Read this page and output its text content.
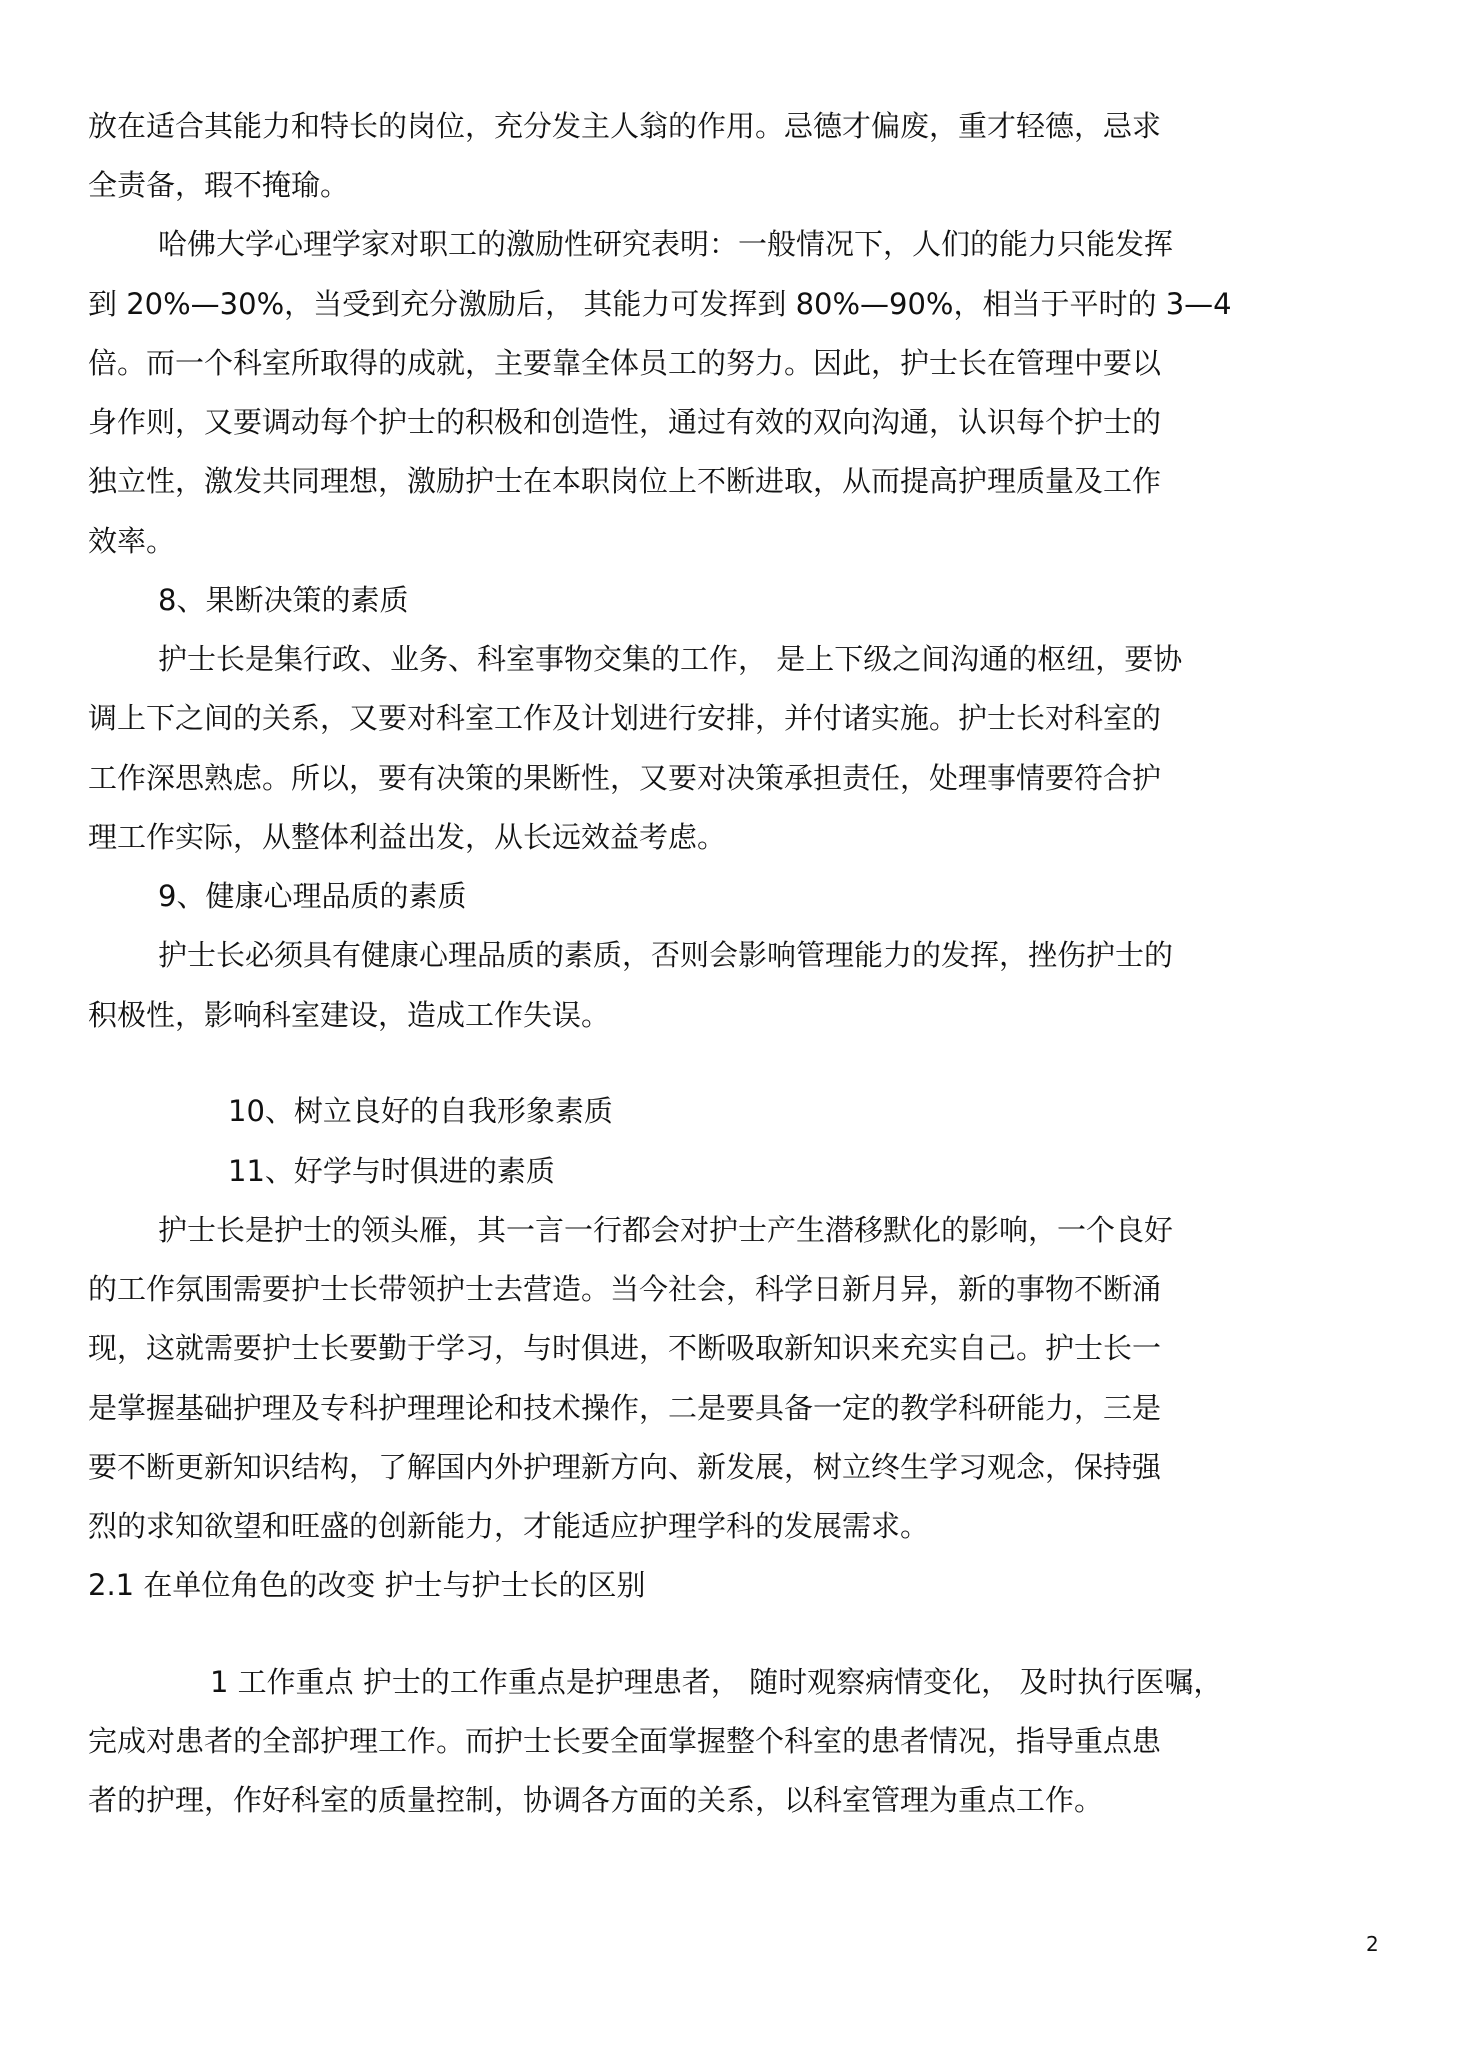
放在适合其能力和特长的岗位，充分发主人翁的作用。忌德才偏废，重才轻德，忌求

全责备，瑕不掩瑜。

哈佛大学心理学家对职工的激励性研究表明：一般情况下，人们的能力只能发挥

到 20%—30%，当受到充分激励后， 其能力可发挥到 80%—90%，相当于平时的 3—4

倍。而一个科室所取得的成就，主要靠全体员工的努力。因此，护士长在管理中要以

身作则，又要调动每个护士的积极和创造性，通过有效的双向沟通，认识每个护士的

独立性，激发共同理想，激励护士在本职岗位上不断进取，从而提高护理质量及工作

效率。

8、果断决策的素质

护士长是集行政、业务、科室事物交集的工作， 是上下级之间沟通的枢纽，要协

调上下之间的关系，又要对科室工作及计划进行安排，并付诸实施。护士长对科室的

工作深思熟虑。所以，要有决策的果断性，又要对决策承担责任，处理事情要符合护

理工作实际，从整体利益出发，从长远效益考虑。

9、健康心理品质的素质

护士长必须具有健康心理品质的素质，否则会影响管理能力的发挥，挫伤护士的

积极性，影响科室建设，造成工作失误。

10、树立良好的自我形象素质

11、好学与时俱进的素质

护士长是护士的领头雁，其一言一行都会对护士产生潜移默化的影响，一个良好

的工作氛围需要护士长带领护士去营造。当今社会，科学日新月异，新的事物不断涌

现，这就需要护士长要勤于学习，与时俱进，不断吸取新知识来充实自己。护士长一

是掌握基础护理及专科护理理论和技术操作，二是要具备一定的教学科研能力，三是

要不断更新知识结构，了解国内外护理新方向、新发展，树立终生学习观念，保持强

烈的求知欲望和旺盛的创新能力，才能适应护理学科的发展需求。

2.1 在单位角色的改变 护士与护士长的区别

1 工作重点 护士的工作重点是护理患者， 随时观察病情变化， 及时执行医嘱，

完成对患者的全部护理工作。而护士长要全面掌握整个科室的患者情况，指导重点患

者的护理，作好科室的质量控制，协调各方面的关系，以科室管理为重点工作。

2
